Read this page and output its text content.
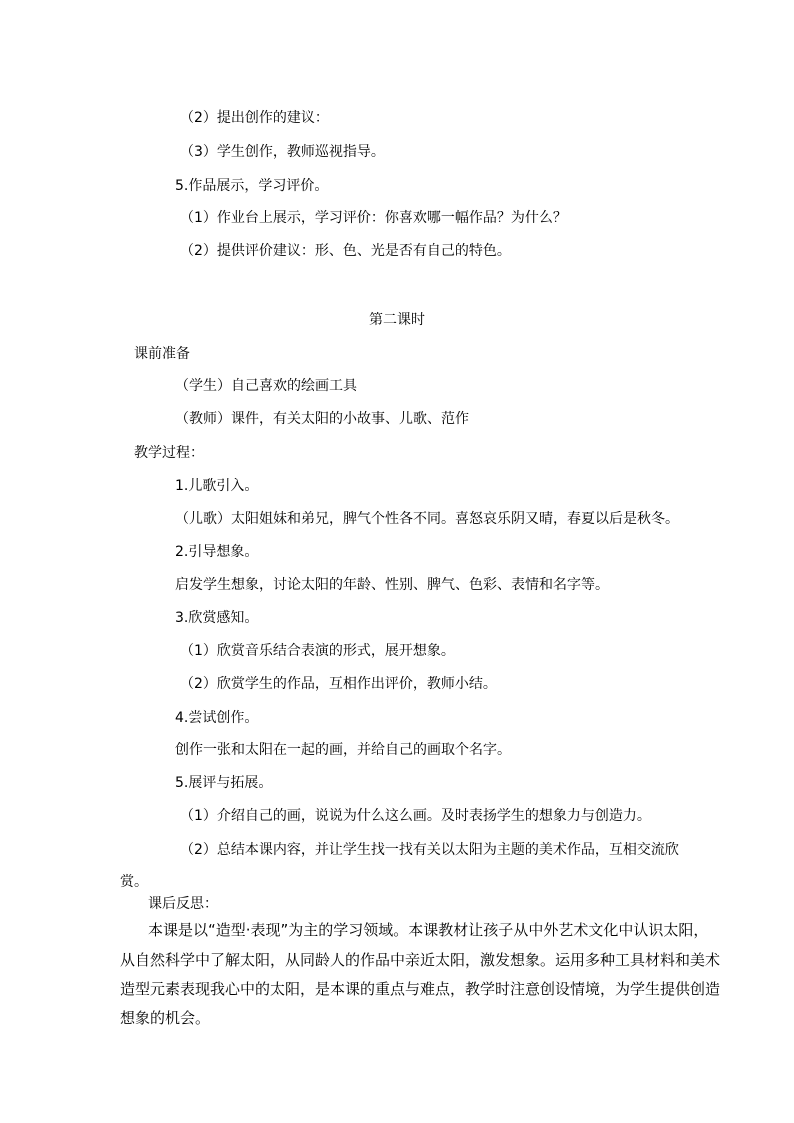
（2）提出创作的建议：

（3）学生创作，教师巡视指导。

5.作品展示，学习评价。

（1）作业台上展示，学习评价：你喜欢哪一幅作品？为什么？

（2）提供评价建议：形、色、光是否有自己的特色。

第二课时

课前准备

（学生）自己喜欢的绘画工具

（教师）课件，有关太阳的小故事、儿歌、范作

教学过程：

1.儿歌引入。

（儿歌）太阳姐妹和弟兄，脾气个性各不同。喜怒哀乐阴又晴，春夏以后是秋冬。

2.引导想象。

启发学生想象，讨论太阳的年龄、性别、脾气、色彩、表情和名字等。

3.欣赏感知。

（1）欣赏音乐结合表演的形式，展开想象。

（2）欣赏学生的作品，互相作出评价，教师小结。

4.尝试创作。

创作一张和太阳在一起的画，并给自己的画取个名字。

5.展评与拓展。

（1）介绍自己的画，说说为什么这么画。及时表扬学生的想象力与创造力。

（2）总结本课内容，并让学生找一找有关以太阳为主题的美术作品，互相交流欣

赏。

课后反思：

本课是以“造型·表现”为主的学习领域。本课教材让孩子从中外艺术文化中认识太阳，

从自然科学中了解太阳，从同龄人的作品中亲近太阳，激发想象。运用多种工具材料和美术

造型元素表现我心中的太阳，是本课的重点与难点，教学时注意创设情境，为学生提供创造

想象的机会。
